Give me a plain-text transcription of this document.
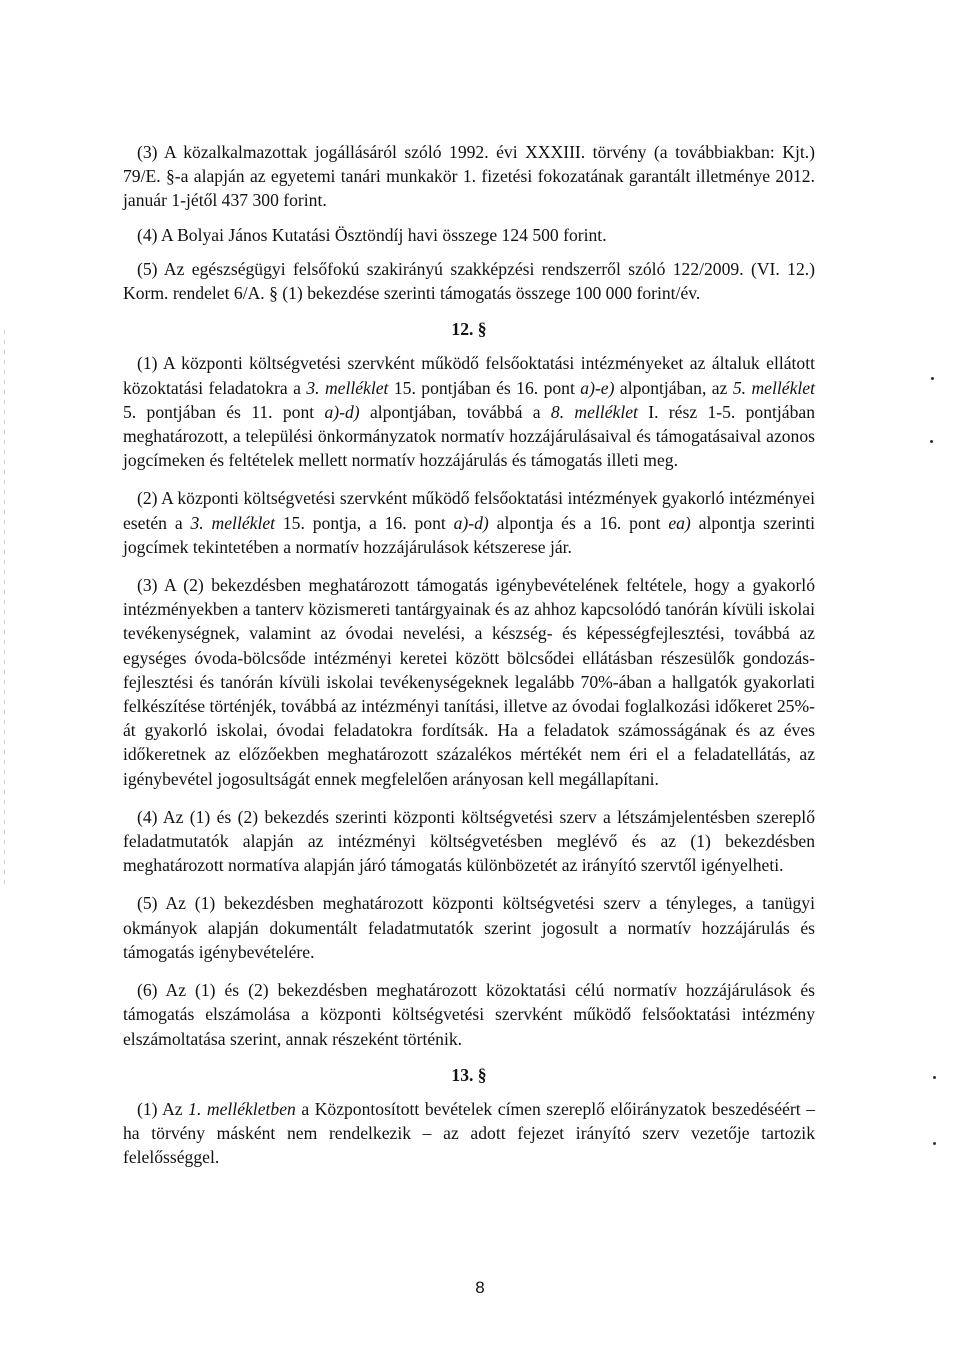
(3) A közalkalmazottak jogállásáról szóló 1992. évi XXXIII. törvény (a továbbiakban: Kjt.) 79/E. §-a alapján az egyetemi tanári munkakör 1. fizetési fokozatának garantált illetménye 2012. január 1-jétől 437 300 forint.

(4) A Bolyai János Kutatási Ösztöndíj havi összege 124 500 forint.

(5) Az egészségügyi felsőfokú szakirányú szakképzési rendszerről szóló 122/2009. (VI. 12.) Korm. rendelet 6/A. § (1) bekezdése szerinti támogatás összege 100 000 forint/év.

12. §

(1) A központi költségvetési szervként működő felsőoktatási intézményeket az általuk ellátott közoktatási feladatokra a 3. melléklet 15. pontjában és 16. pont a)-e) alpontjában, az 5. melléklet 5. pontjában és 11. pont a)-d) alpontjában, továbbá a 8. melléklet I. rész 1-5. pontjában meghatározott, a települési önkormányzatok normatív hozzájárulásaival és támogatásaival azonos jogcímeken és feltételek mellett normatív hozzájárulás és támogatás illeti meg.

(2) A központi költségvetési szervként működő felsőoktatási intézmények gyakorló intézményei esetén a 3. melléklet 15. pontja, a 16. pont a)-d) alpontja és a 16. pont ea) alpontja szerinti jogcímek tekintetében a normatív hozzájárulások kétszerese jár.

(3) A (2) bekezdésben meghatározott támogatás igénybevételének feltétele, hogy a gyakorló intézményekben a tanterv közismereti tantárgyainak és az ahhoz kapcsolódó tanórán kívüli iskolai tevékenységnek, valamint az óvodai nevelési, a készség- és képességfejlesztési, továbbá az egységes óvoda-bölcsőde intézményi keretei között bölcsődei ellátásban részesülők gondozás-fejlesztési és tanórán kívüli iskolai tevékenységeknek legalább 70%-ában a hallgatók gyakorlati felkészítése történjék, továbbá az intézményi tanítási, illetve az óvodai foglalkozási időkeret 25%-át gyakorló iskolai, óvodai feladatokra fordítsák. Ha a feladatok számosságának és az éves időkeretnek az előzőekben meghatározott százalékos mértékét nem éri el a feladatellátás, az igénybevétel jogosultságát ennek megfelelően arányosan kell megállapítani.

(4) Az (1) és (2) bekezdés szerinti központi költségvetési szerv a létszámjelentésben szereplő feladatmutatók alapján az intézményi költségvetésben meglévő és az (1) bekezdésben meghatározott normatíva alapján járó támogatás különbözetét az irányító szervtől igényelheti.

(5) Az (1) bekezdésben meghatározott központi költségvetési szerv a tényleges, a tanügyi okmányok alapján dokumentált feladatmutatók szerint jogosult a normatív hozzájárulás és támogatás igénybevételére.

(6) Az (1) és (2) bekezdésben meghatározott közoktatási célú normatív hozzájárulások és támogatás elszámolása a központi költségvetési szervként működő felsőoktatási intézmény elszámoltatása szerint, annak részeként történik.

13. §

(1) Az 1. mellékletben a Központosított bevételek címen szereplő előirányzatok beszedéséért – ha törvény másként nem rendelkezik – az adott fejezet irányító szerv vezetője tartozik felelősséggel.

8
